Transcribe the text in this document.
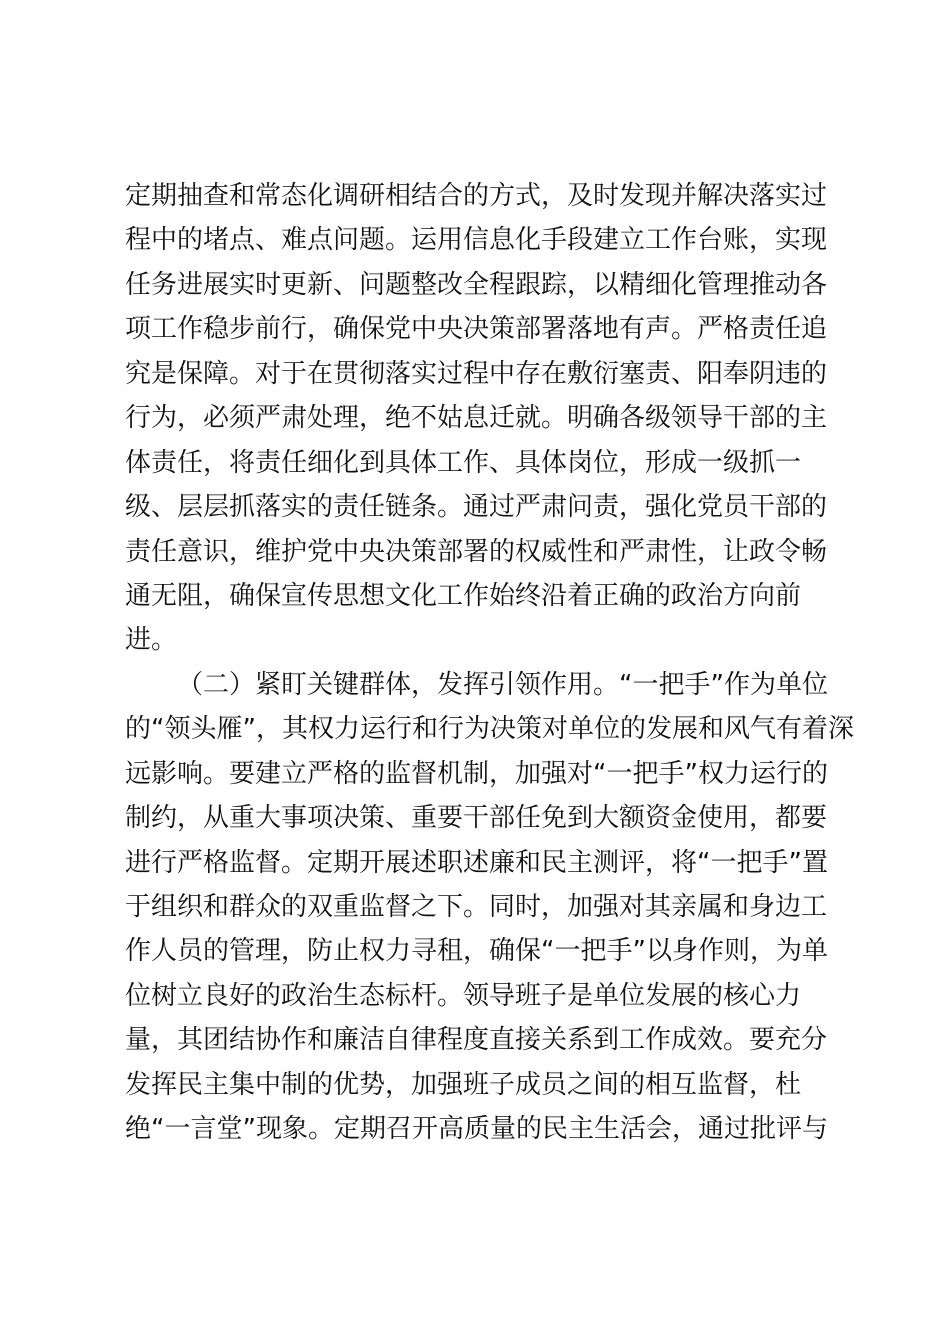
定期抽查和常态化调研相结合的方式，及时发现并解决落实过
程中的堵点、难点问题。运用信息化手段建立工作台账，实现
任务进展实时更新、问题整改全程跟踪，以精细化管理推动各
项工作稳步前行，确保党中央决策部署落地有声。严格责任追
究是保障。对于在贯彻落实过程中存在敷衍塞责、阳奉阴违的
行为，必须严肃处理，绝不姑息迁就。明确各级领导干部的主
体责任，将责任细化到具体工作、具体岗位，形成一级抓一
级、层层抓落实的责任链条。通过严肃问责，强化党员干部的
责任意识，维护党中央决策部署的权威性和严肃性，让政令畅
通无阻，确保宣传思想文化工作始终沿着正确的政治方向前
进。
（二）紧盯关键群体，发挥引领作用。“一把手”作为单位
的“领头雁”，其权力运行和行为决策对单位的发展和风气有着深
远影响。要建立严格的监督机制，加强对“一把手”权力运行的
制约，从重大事项决策、重要干部任免到大额资金使用，都要
进行严格监督。定期开展述职述廉和民主测评，将“一把手”置
于组织和群众的双重监督之下。同时，加强对其亲属和身边工
作人员的管理，防止权力寻租，确保“一把手”以身作则，为单
位树立良好的政治生态标杆。领导班子是单位发展的核心力
量，其团结协作和廉洁自律程度直接关系到工作成效。要充分
发挥民主集中制的优势，加强班子成员之间的相互监督，杜
绝“一言堂”现象。定期召开高质量的民主生活会，通过批评与
